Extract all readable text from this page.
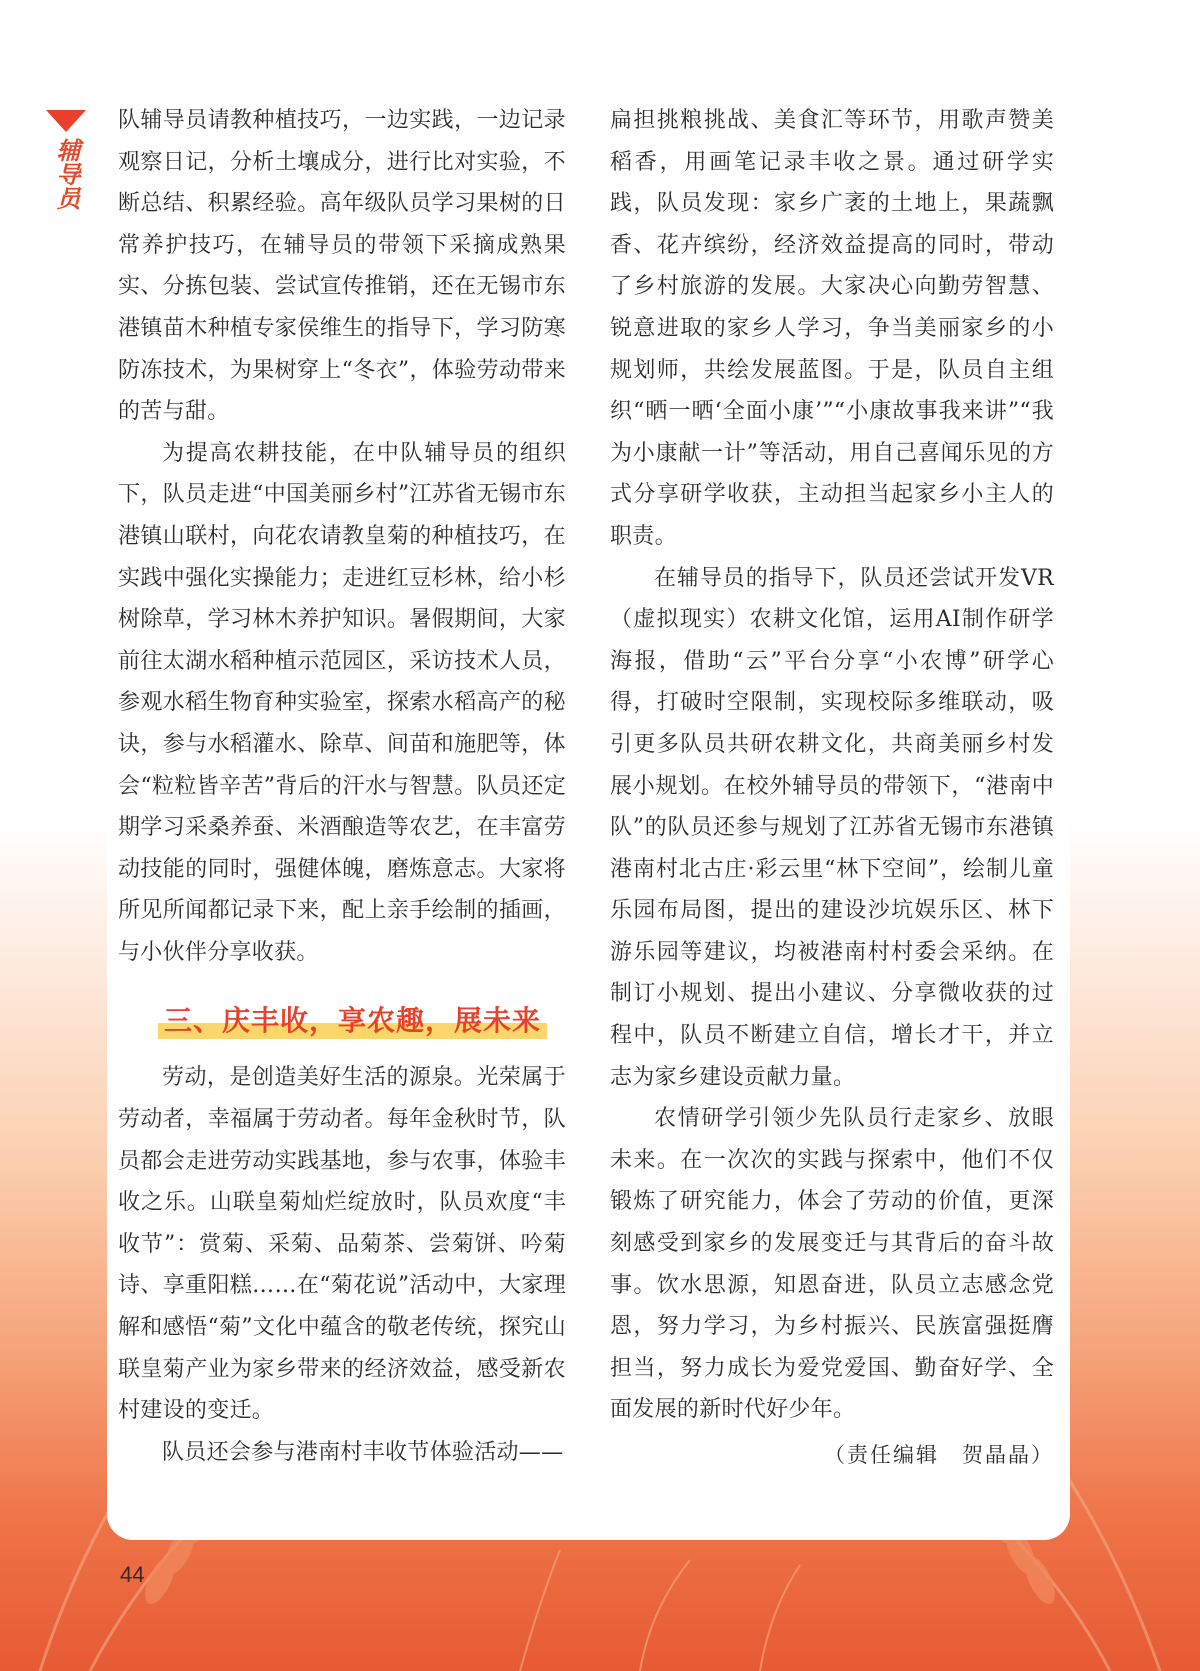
辅导员

队辅导员请教种植技巧，一边实践，一边记录观察日记，分析土壤成分，进行比对实验，不断总结、积累经验。高年级队员学习果树的日常养护技巧，在辅导员的带领下采摘成熟果实、分拣包装、尝试宣传推销，还在无锡市东港镇苗木种植专家侯维生的指导下，学习防寒防冻技术，为果树穿上“冬衣”，体验劳动带来的苦与甜。

为提高农耕技能，在中队辅导员的组织下，队员走进“中国美丽乡村”江苏省无锡市东港镇山联村，向花农请教皇菊的种植技巧，在实践中强化实操能力；走进红豆杉林，给小杉树除草，学习林木养护知识。暑假期间，大家前往太湖水稻种植示范园区，采访技术人员，参观水稻生物育种实验室，探索水稻高产的秘诀，参与水稻灌水、除草、间苗和施肥等，体会“粒粒皆辛苦”背后的汗水与智慧。队员还定期学习采桑养蚕、米酒酿造等农艺，在丰富劳动技能的同时，强健体魄，磨炼意志。大家将所见所闻都记录下来，配上亲手绘制的插画，与小伙伴分享收获。

三、庆丰收，享农趣，展未来

劳动，是创造美好生活的源泉。光荣属于劳动者，幸福属于劳动者。每年金秋时节，队员都会走进劳动实践基地，参与农事，体验丰收之乐。山联皇菊灿烂绽放时，队员欢度“丰收节”：赏菊、采菊、品菊茶、尝菊饼、吟菊诗、享重阳糕……在“菊花说”活动中，大家理解和感悟“菊”文化中蕴含的敬老传统，探究山联皇菊产业为家乡带来的经济效益，感受新农村建设的变迁。

队员还会参与港南村丰收节体验活动——

扁担挑粮挑战、美食汇等环节，用歌声赞美稻香，用画笔记录丰收之景。通过研学实践，队员发现：家乡广袤的土地上，果蔬飘香、花卉缤纷，经济效益提高的同时，带动了乡村旅游的发展。大家决心向勤劳智慧、锐意进取的家乡人学习，争当美丽家乡的小规划师，共绘发展蓝图。于是，队员自主组织“晒一晒‘全面小康’”“小康故事我来讲”“我为小康献一计”等活动，用自己喜闻乐见的方式分享研学收获，主动担当起家乡小主人的职责。

在辅导员的指导下，队员还尝试开发VR（虚拟现实）农耕文化馆，运用AI制作研学海报，借助“云”平台分享“小农博”研学心得，打破时空限制，实现校际多维联动，吸引更多队员共研农耕文化，共商美丽乡村发展小规划。在校外辅导员的带领下，“港南中队”的队员还参与规划了江苏省无锡市东港镇港南村北古庄·彩云里“林下空间”，绘制儿童乐园布局图，提出的建设沙坑娱乐区、林下游乐园等建议，均被港南村村委会采纳。在制订小规划、提出小建议、分享微收获的过程中，队员不断建立自信，增长才干，并立志为家乡建设贡献力量。

农情研学引领少先队员行走家乡、放眼未来。在一次次的实践与探索中，他们不仅锻炼了研究能力，体会了劳动的价值，更深刻感受到家乡的发展变迁与其背后的奋斗故事。饮水思源，知恩奋进，队员立志感念党恩，努力学习，为乡村振兴、民族富强挺膺担当，努力成长为爱党爱国、勤奋好学、全面发展的新时代好少年。

（责任编辑　贺晶晶）
44
